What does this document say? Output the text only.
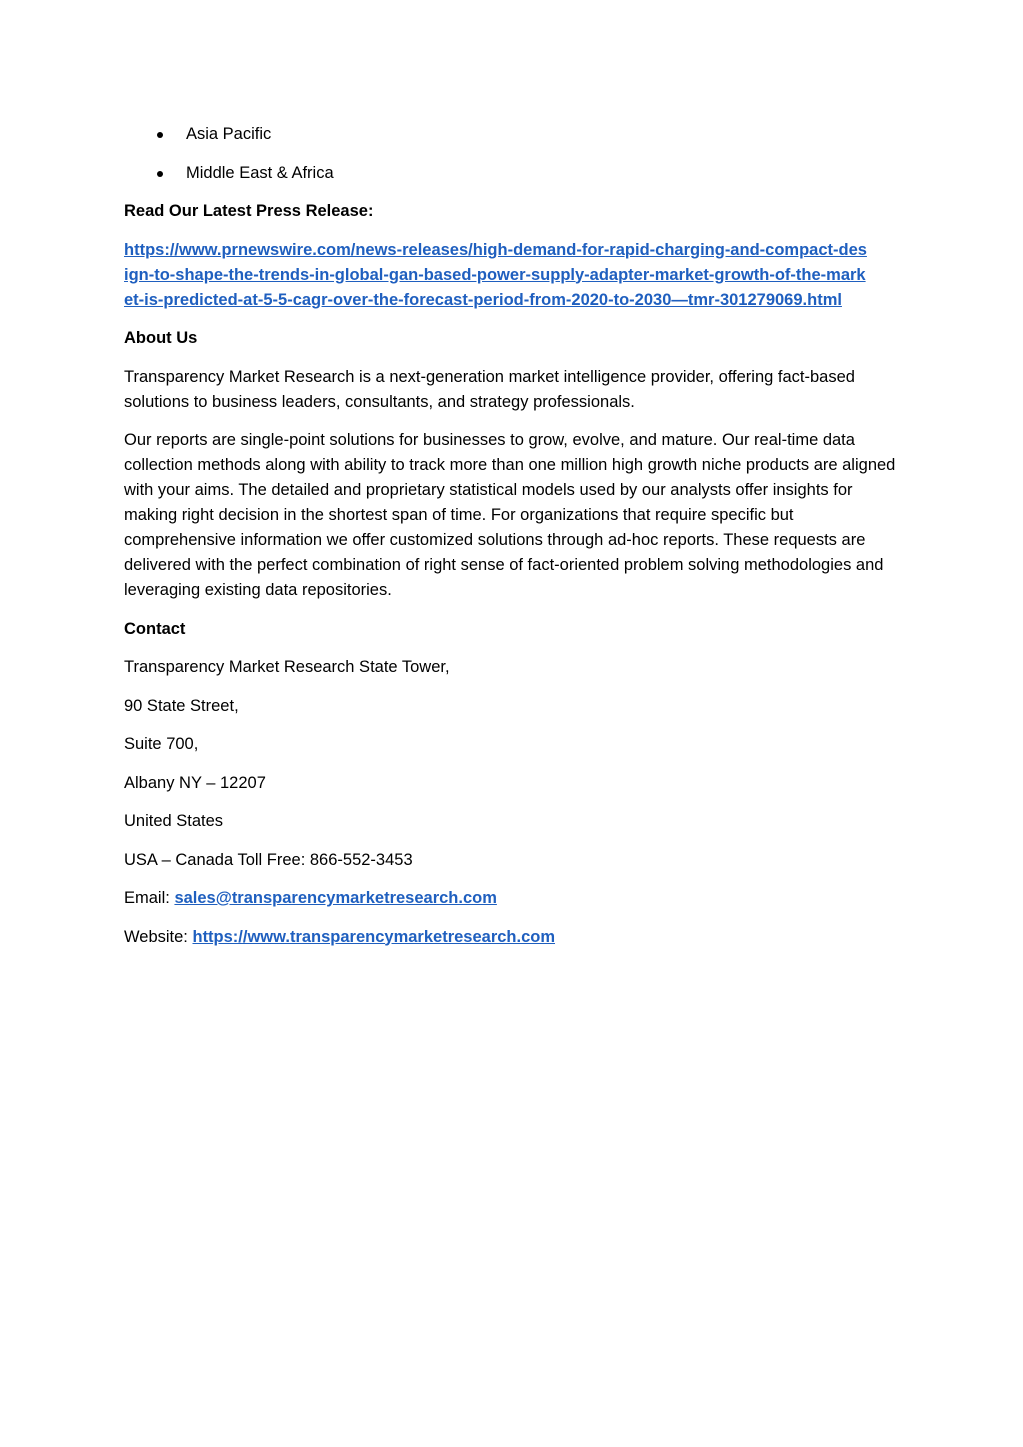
Asia Pacific
Middle East & Africa

Read Our Latest Press Release:

https://www.prnewswire.com/news-releases/high-demand-for-rapid-charging-and-compact-design-to-shape-the-trends-in-global-gan-based-power-supply-adapter-market-growth-of-the-market-is-predicted-at-5-5-cagr-over-the-forecast-period-from-2020-to-2030—tmr-301279069.html

About Us

Transparency Market Research is a next-generation market intelligence provider, offering fact-based solutions to business leaders, consultants, and strategy professionals.

Our reports are single-point solutions for businesses to grow, evolve, and mature. Our real-time data collection methods along with ability to track more than one million high growth niche products are aligned with your aims. The detailed and proprietary statistical models used by our analysts offer insights for making right decision in the shortest span of time. For organizations that require specific but comprehensive information we offer customized solutions through ad-hoc reports. These requests are delivered with the perfect combination of right sense of fact-oriented problem solving methodologies and leveraging existing data repositories.

Contact

Transparency Market Research State Tower,

90 State Street,

Suite 700,

Albany NY – 12207

United States

USA – Canada Toll Free: 866-552-3453

Email: sales@transparencymarketresearch.com

Website: https://www.transparencymarketresearch.com
